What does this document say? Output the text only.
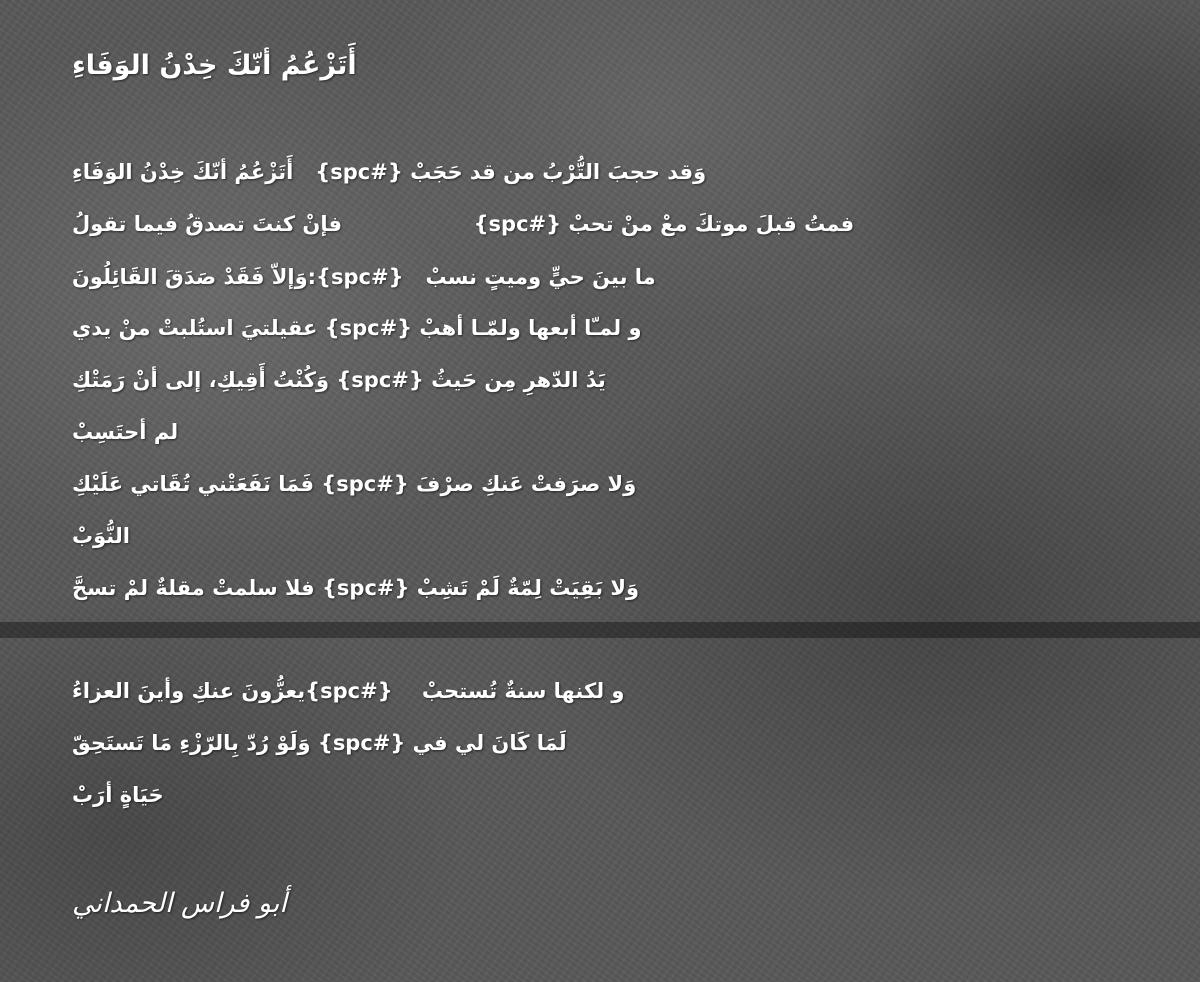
أَتَزْعُمُ أنّكَ خِدْنُ الوَفَاءِ
وَقد حجبَ التُّرْبُ من قد حَجَبْ {#spc}   أَتَزْعُمُ أنّكَ خِدْنُ الوَفَاءِ
فمتُ قبلَ موتكَ معْ منْ تحبْ {#spc}                  فإنْ كنتَ تصدقُ فيما تقولُ
ما بينَ حيٍّ وميتٍ نسبْ   {#spc}:وَإلاّ فَقَدْ صَدَقَ القَائِلُونَ
و لمـّا أبعها ولمّـا أهبْ {#spc} عقيلتيَ استُلبتْ منْ يدي
يَدُ الدّهرِ مِن حَيثُ {#spc} وَكُنْتُ أَقِيكِ، إلى أنْ رَمَتْكِ
لم أحتَسِبْ
وَلا صرَفتْ عَنكِ صرْفَ {#spc} فَمَا نَفَعَتْني تُقَاتي عَلَيْكِ
النُّوَبْ
وَلا بَقِيَتْ لِمّةٌ لَمْ تَشِبْ {#spc} فلا سلمتْ مقلةٌ لمْ تسحَّ
و لكنها سنةٌ تُستحبْ    {#spc}يعزُّونَ عنكِ وأينَ العزاءُ
لَمَا كَانَ لي في {#spc} وَلَوْ رُدّ بِالرّزْءِ مَا تَستَحِقّ
حَيَاةٍ أرَبْ
أبو فراس الحمداني
